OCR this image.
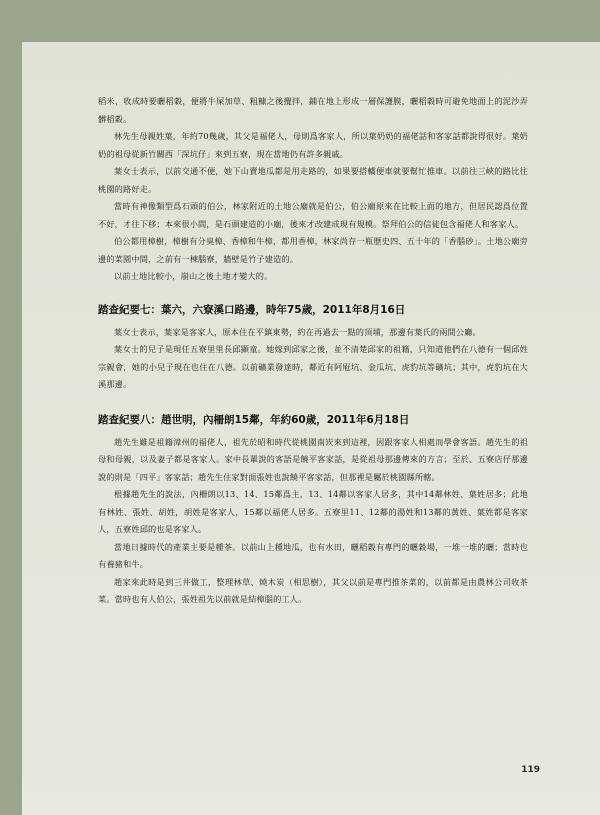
稻米，收成時要曬稻穀，便將牛屎加草、粗糠之後攪拌，鋪在地上形成一層保護膜，曬稻穀時可避免地面上的泥沙弄髒稻穀。

林先生母親姓葉，年約70幾歲，其父是福佬人，母則爲客家人，所以葉奶奶的福佬話和客家話都說得很好。葉奶奶的祖母從新竹關西「深坑仔」來到五寮，現在當地仍有許多親戚。

葉女士表示，以前交通不便，她下山賣地瓜都是用走路的，如果要搭轎便車就要幫忙推車。以前往三峽的路比往桃園的路好走。

當時有神像類型爲石頭的伯公，林家附近的土地公廟就是伯公，伯公廟原來在比較上面的地方，但居民認爲位置不好，才往下移；本來很小間，是石頭建造的小廟，後來才改建成現有規模。祭拜伯公的信徒包含福佬人和客家人。

伯公都用樟樹，樟樹有分臭樟、香樟和牛樟，都用香樟，林家尚存一瓶歷史四、五十年的「香腦砂」。土地公廟旁邊的菜園中間，之前有一棟腦寮，牆壁是竹子建造的。

以前土地比較小，崩山之後土地才變大的。

踏查紀要七：葉六，六寮溪口路邊，時年75歲，2011年8月16日

葉女士表示，葉家是客家人，原本住在平鎮東勢，約在再過去一點的頂埔，那邊有葉氏的兩間公廳。

葉女士的兒子是現任五寮里里長邱顯童。她嫁到邱家之後，並不清楚邱家的祖籍，只知道他們在八德有一個邱姓宗親會，她的小兒子現在也住在八德。以前礦業發達時，鄰近有阿屘坑、金瓜坑、虎豹坑等礦坑；其中，虎豹坑在大溪那邊。

踏查紀要八：趙世明，內柵朗15鄰，年約60歲，2011年6月18日

趙先生雖是祖籍漳州的福佬人，祖先於昭和時代從桃園南崁來到這裡，因跟客家人相處而學會客語。趙先生的祖母和母親，以及妻子都是客家人。家中長輩說的客語是饒平客家話，是從祖母那邊傳來的方言；至於、五寮店仔那邊說的則是「四平」客家話；趙先生住家對面張姓也說饒平客家話，但那裡是屬於桃園縣所轄。

根據趙先生的說法，內柵朗以13、14、15鄰爲主，13、14鄰以客家人居多，其中14鄰林姓、葉姓居多；此地有林姓、張姓、胡姓，胡姓是客家人，15鄰以福佬人居多。五寮里11、12鄰的湯姓和13鄰的黃姓、葉姓都是客家人，五寮姓邱的也是客家人。

當地日據時代的產業主要是種茶。以前山上種地瓜，也有水田，曬稻穀有專門的曬穀場，一堆一堆的曬；當時也有養豬和牛。

趙家來此時是到三井做工，整理林草、燒木炭（相思樹），其父以前是專門推茶菜的，以前都是由農林公司收茶菜。當時也有人伯公，張姓祖先以前就是結樟腦的工人。

119
